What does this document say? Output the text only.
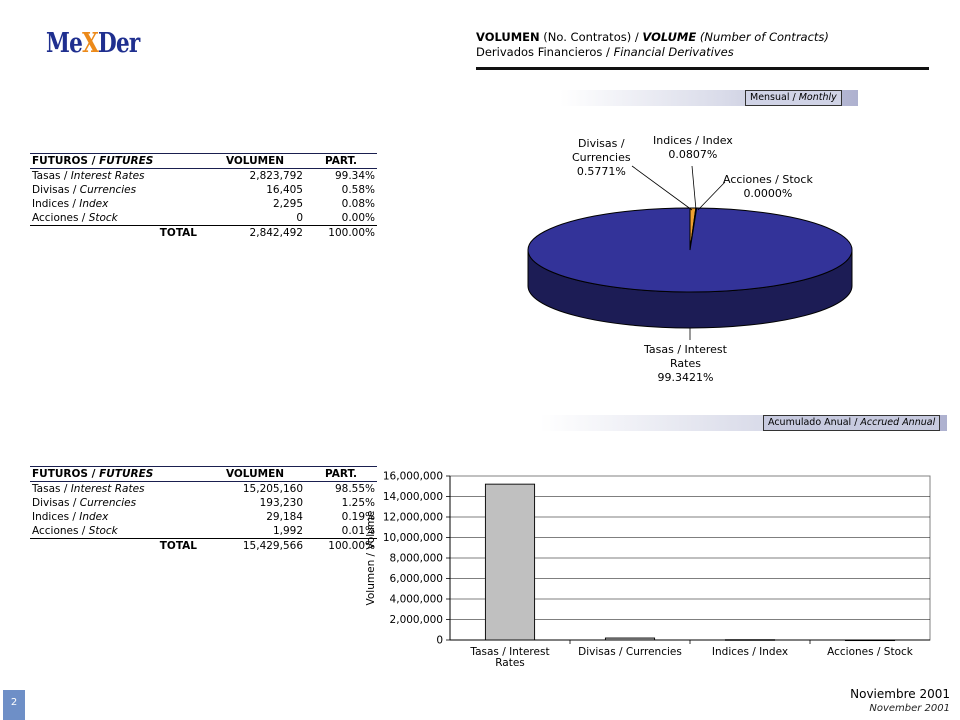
MeXDer	VOLUMEN (No. Contratos) / VOLUME (Number of Contracts)
Derivados Financieros / Financial Derivatives
Mensual / Monthly
FUTUROS / FUTURES	VOLUMEN	PART.
Tasas / Interest Rates	2,823,792	99.34%
Divisas / Currencies	16,405	0.58%
Indices / Index	2,295	0.08%
Acciones / Stock	0	0.00%
TOTAL	2,842,492	100.00%
Divisas /
Currencies
0.5771%
Indices / Index
0.0807%
Acciones / Stock
0.0000%
Tasas / Interest
Rates
99.3421%
Acumulado Anual / Accrued Annual
FUTUROS / FUTURES	VOLUMEN	PART.
Tasas / Interest Rates	15,205,160	98.55%
Divisas / Currencies	193,230	1.25%
Indices / Index	29,184	0.19%
Acciones / Stock	1,992	0.01%
TOTAL	15,429,566	100.00%
0
2,000,000
4,000,000
6,000,000
8,000,000
10,000,000
12,000,000
14,000,000
16,000,000
Tasas / Interest
Rates
Divisas / Currencies	Indices / Index	Acciones / Stock
Volumen / Volume
2
Noviembre 2001
November 2001
